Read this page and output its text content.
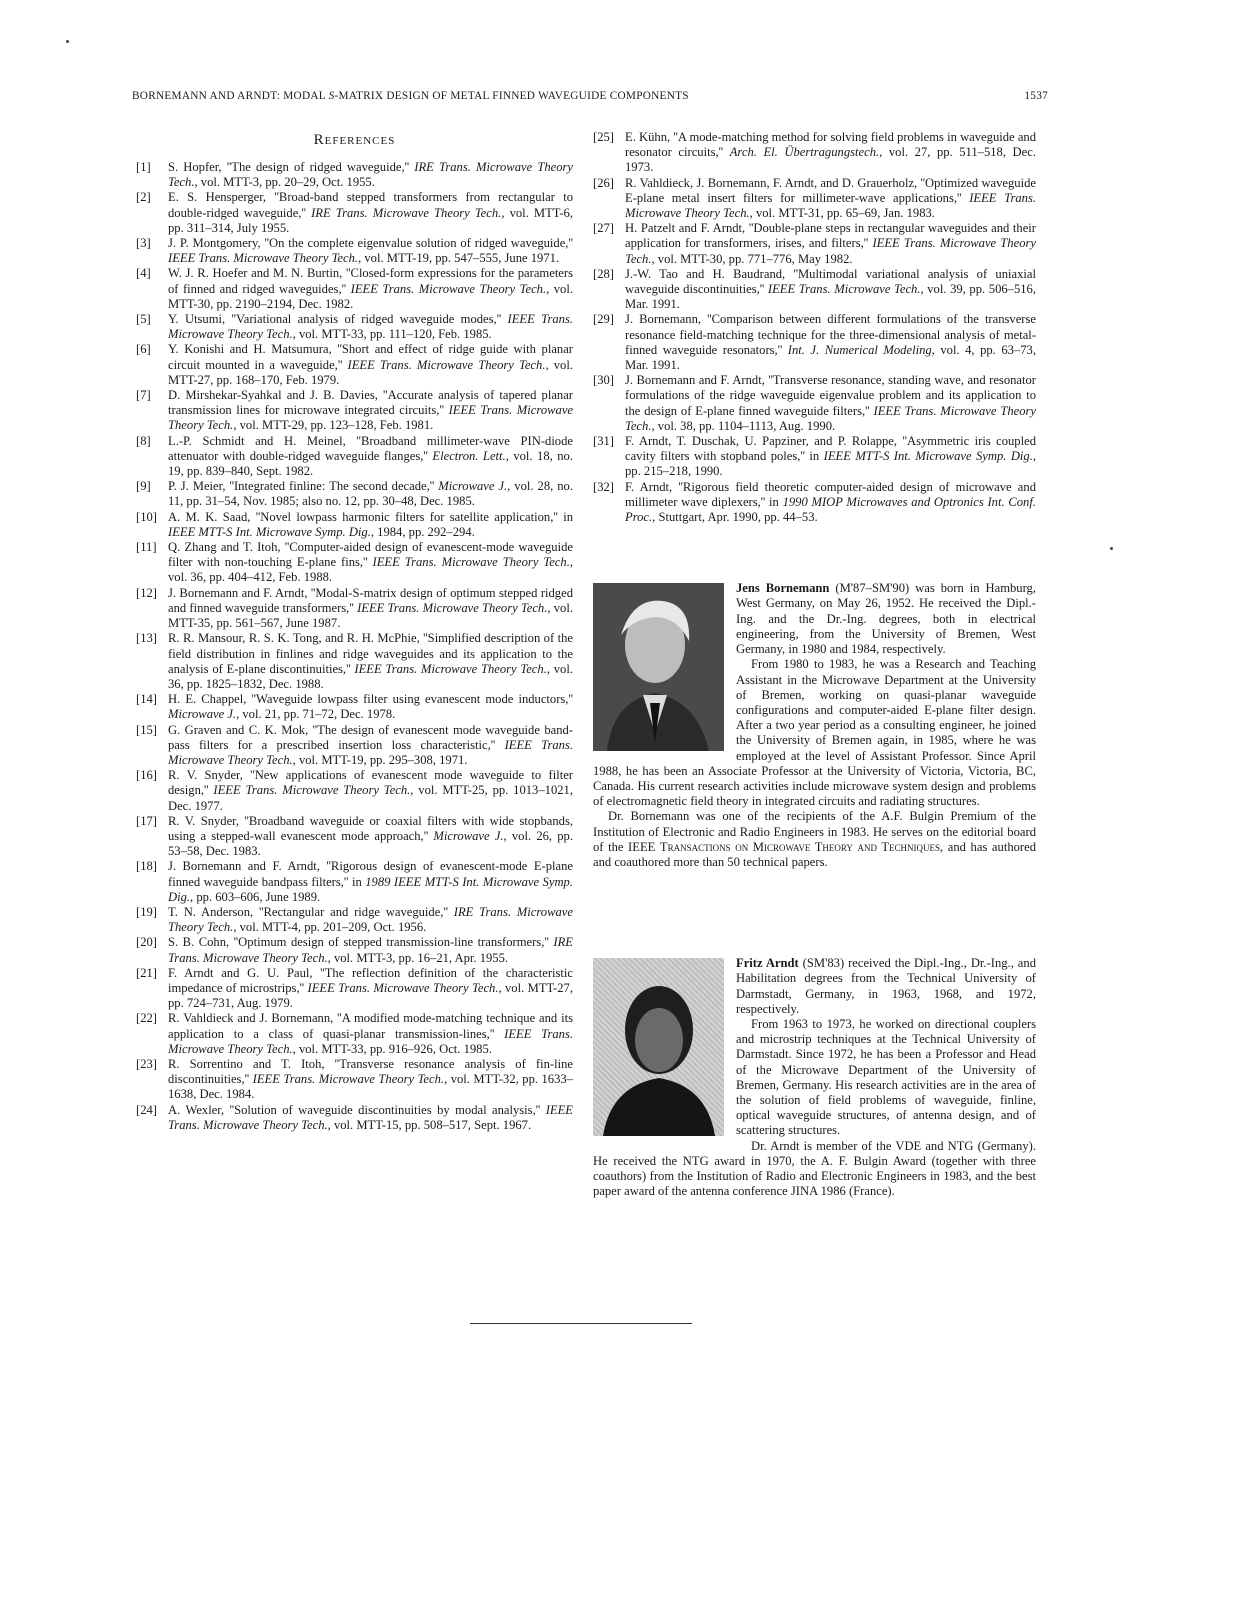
BORNEMANN AND ARNDT: MODAL S-MATRIX DESIGN OF METAL FINNED WAVEGUIDE COMPONENTS	1537
References

[1]	S. Hopfer, ''The design of ridged waveguide,'' IRE Trans. Microwave Theory Tech., vol. MTT-3, pp. 20–29, Oct. 1955.

[2]	E. S. Hensperger, ''Broad-band stepped transformers from rectangular to double-ridged waveguide,'' IRE Trans. Microwave Theory Tech., vol. MTT-6, pp. 311–314, July 1955.

[3]	J. P. Montgomery, ''On the complete eigenvalue solution of ridged waveguide,'' IEEE Trans. Microwave Theory Tech., vol. MTT-19, pp. 547–555, June 1971.

[4]	W. J. R. Hoefer and M. N. Burtin, ''Closed-form expressions for the parameters of finned and ridged waveguides,'' IEEE Trans. Microwave Theory Tech., vol. MTT-30, pp. 2190–2194, Dec. 1982.

[5]	Y. Utsumi, ''Variational analysis of ridged waveguide modes,'' IEEE Trans. Microwave Theory Tech., vol. MTT-33, pp. 111–120, Feb. 1985.

[6]	Y. Konishi and H. Matsumura, ''Short and effect of ridge guide with planar circuit mounted in a waveguide,'' IEEE Trans. Microwave Theory Tech., vol. MTT-27, pp. 168–170, Feb. 1979.

[7]	D. Mirshekar-Syahkal and J. B. Davies, ''Accurate analysis of tapered planar transmission lines for microwave integrated circuits,'' IEEE Trans. Microwave Theory Tech., vol. MTT-29, pp. 123–128, Feb. 1981.

[8]	L.-P. Schmidt and H. Meinel, ''Broadband millimeter-wave PIN-diode attenuator with double-ridged waveguide flanges,'' Electron. Lett., vol. 18, no. 19, pp. 839–840, Sept. 1982.

[9]	P. J. Meier, ''Integrated finline: The second decade,'' Microwave J., vol. 28, no. 11, pp. 31–54, Nov. 1985; also no. 12, pp. 30–48, Dec. 1985.

[10] A. M. K. Saad, ''Novel lowpass harmonic filters for satellite application,'' in IEEE MTT-S Int. Microwave Symp. Dig., 1984, pp. 292–294.

[11] Q. Zhang and T. Itoh, ''Computer-aided design of evanescent-mode waveguide filter with non-touching E-plane fins,'' IEEE Trans. Microwave Theory Tech., vol. 36, pp. 404–412, Feb. 1988.

[12] J. Bornemann and F. Arndt, ''Modal-S-matrix design of optimum stepped ridged and finned waveguide transformers,'' IEEE Trans. Microwave Theory Tech., vol. MTT-35, pp. 561–567, June 1987.

[13] R. R. Mansour, R. S. K. Tong, and R. H. McPhie, ''Simplified description of the field distribution in finlines and ridge waveguides and its application to the analysis of E-plane discontinuities,'' IEEE Trans. Microwave Theory Tech., vol. 36, pp. 1825–1832, Dec. 1988.

[14] H. E. Chappel, ''Waveguide lowpass filter using evanescent mode inductors,'' Microwave J., vol. 21, pp. 71–72, Dec. 1978.

[15] G. Graven and C. K. Mok, ''The design of evanescent mode waveguide band-pass filters for a prescribed insertion loss characteristic,'' IEEE Trans. Microwave Theory Tech., vol. MTT-19, pp. 295–308, 1971.

[16] R. V. Snyder, ''New applications of evanescent mode waveguide to filter design,'' IEEE Trans. Microwave Theory Tech., vol. MTT-25, pp. 1013–1021, Dec. 1977.

[17] R. V. Snyder, ''Broadband waveguide or coaxial filters with wide stopbands, using a stepped-wall evanescent mode approach,'' Microwave J., vol. 26, pp. 53–58, Dec. 1983.

[18] J. Bornemann and F. Arndt, ''Rigorous design of evanescent-mode E-plane finned waveguide bandpass filters,'' in 1989 IEEE MTT-S Int. Microwave Symp. Dig., pp. 603–606, June 1989.

[19] T. N. Anderson, ''Rectangular and ridge waveguide,'' IRE Trans. Microwave Theory Tech., vol. MTT-4, pp. 201–209, Oct. 1956.

[20] S. B. Cohn, ''Optimum design of stepped transmission-line transformers,'' IRE Trans. Microwave Theory Tech., vol. MTT-3, pp. 16–21, Apr. 1955.

[21] F. Arndt and G. U. Paul, ''The reflection definition of the characteristic impedance of microstrips,'' IEEE Trans. Microwave Theory Tech., vol. MTT-27, pp. 724–731, Aug. 1979.

[22] R. Vahldieck and J. Bornemann, ''A modified mode-matching technique and its application to a class of quasi-planar transmission-lines,'' IEEE Trans. Microwave Theory Tech., vol. MTT-33, pp. 916–926, Oct. 1985.

[23] R. Sorrentino and T. Itoh, ''Transverse resonance analysis of fin-line discontinuities,'' IEEE Trans. Microwave Theory Tech., vol. MTT-32, pp. 1633–1638, Dec. 1984.

[24] A. Wexler, ''Solution of waveguide discontinuities by modal analysis,'' IEEE Trans. Microwave Theory Tech., vol. MTT-15, pp. 508–517, Sept. 1967.

[25] E. Kühn, ''A mode-matching method for solving field problems in waveguide and resonator circuits,'' Arch. El. Übertragungstech., vol. 27, pp. 511–518, Dec. 1973.

[26] R. Vahldieck, J. Bornemann, F. Arndt, and D. Grauerholz, ''Optimized waveguide E-plane metal insert filters for millimeter-wave applications,'' IEEE Trans. Microwave Theory Tech., vol. MTT-31, pp. 65–69, Jan. 1983.

[27] H. Patzelt and F. Arndt, ''Double-plane steps in rectangular waveguides and their application for transformers, irises, and filters,'' IEEE Trans. Microwave Theory Tech., vol. MTT-30, pp. 771–776, May 1982.

[28] J.-W. Tao and H. Baudrand, ''Multimodal variational analysis of uniaxial waveguide discontinuities,'' IEEE Trans. Microwave Tech., vol. 39, pp. 506–516, Mar. 1991.

[29] J. Bornemann, ''Comparison between different formulations of the transverse resonance field-matching technique for the three-dimensional analysis of metal-finned waveguide resonators,'' Int. J. Numerical Modeling, vol. 4, pp. 63–73, Mar. 1991.

[30] J. Bornemann and F. Arndt, ''Transverse resonance, standing wave, and resonator formulations of the ridge waveguide eigenvalue problem and its application to the design of E-plane finned waveguide filters,'' IEEE Trans. Microwave Theory Tech., vol. 38, pp. 1104–1113, Aug. 1990.

[31] F. Arndt, T. Duschak, U. Papziner, and P. Rolappe, ''Asymmetric iris coupled cavity filters with stopband poles,'' in IEEE MTT-S Int. Microwave Symp. Dig., pp. 215–218, 1990.

[32] F. Arndt, ''Rigorous field theoretic computer-aided design of microwave and millimeter wave diplexers,'' in 1990 MIOP Microwaves and Optronics Int. Conf. Proc., Stuttgart, Apr. 1990, pp. 44–53.

Jens Bornemann (M'87–SM'90) was born in Hamburg, West Germany, on May 26, 1952. He received the Dipl.-Ing. and the Dr.-Ing. degrees, both in electrical engineering, from the University of Bremen, West Germany, in 1980 and 1984, respectively.

From 1980 to 1983, he was a Research and Teaching Assistant in the Microwave Department at the University of Bremen, working on quasi-planar waveguide configurations and computer-aided E-plane filter design. After a two year period as a consulting engineer, he joined the University of Bremen again, in 1985, where he was employed at the level of Assistant Professor. Since April 1988, he has been an Associate Professor at the University of Victoria, Victoria, BC, Canada. His current research activities include microwave system design and problems of electromagnetic field theory in integrated circuits and radiating structures.

Dr. Bornemann was one of the recipients of the A.F. Bulgin Premium of the Institution of Electronic and Radio Engineers in 1983. He serves on the editorial board of the IEEE Transactions on Microwave Theory and Techniques, and has authored and coauthored more than 50 technical papers.

Fritz Arndt (SM'83) received the Dipl.-Ing., Dr.-Ing., and Habilitation degrees from the Technical University of Darmstadt, Germany, in 1963, 1968, and 1972, respectively.

From 1963 to 1973, he worked on directional couplers and microstrip techniques at the Technical University of Darmstadt. Since 1972, he has been a Professor and Head of the Microwave Department of the University of Bremen, Germany. His research activities are in the area of the solution of field problems of waveguide, finline, optical waveguide structures, of antenna design, and of scattering structures.

Dr. Arndt is member of the VDE and NTG (Germany). He received the NTG award in 1970, the A. F. Bulgin Award (together with three coauthors) from the Institution of Radio and Electronic Engineers in 1983, and the best paper award of the antenna conference JINA 1986 (France).
